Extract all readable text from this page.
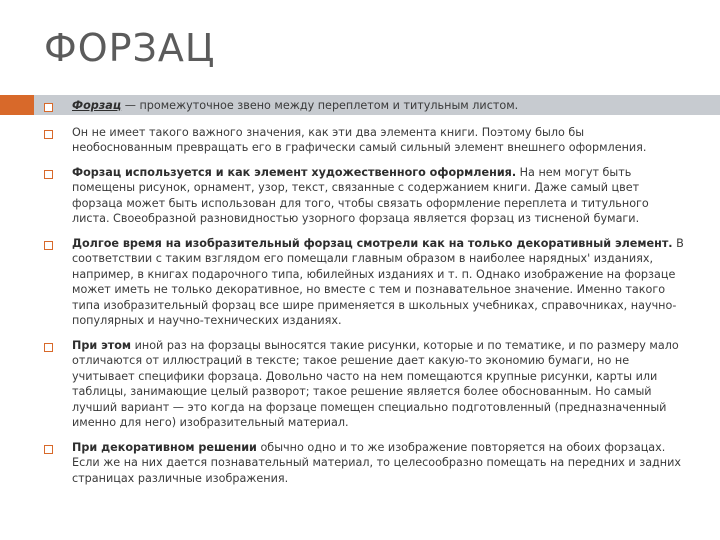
ФОРЗАЦ
Форзац — промежуточное звено между переплетом и титульным листом.
Он не имеет такого важного значения, как эти два элемента книги. Поэтому было бы необоснованным превращать его в графически самый сильный элемент внешнего оформления.
Форзац используется и как элемент художественного оформления. На нем могут быть помещены рисунок, орнамент, узор, текст, связанные с содержанием книги. Даже самый цвет форзаца может быть использован для того, чтобы связать оформление переплета и титульного листа. Своеобразной разновидностью узорного форзаца является форзац из тисненой бумаги.
Долгое время на изобразительный форзац смотрели как на только декоративный элемент. В соответствии с таким взглядом его помещали главным образом в наиболее нарядных' изданиях, например, в книгах подарочного типа, юбилейных изданиях и т. п. Однако изображение на форзаце может иметь не только декоративное, но вместе с тем и познавательное значение. Именно такого типа изобразительный форзац все шире применяется в школьных учебниках, справочниках, научно-популярных и научно-технических изданиях.
При этом иной раз на форзацы выносятся такие рисунки, которые и по тематике, и по размеру мало отличаются от иллюстраций в тексте; такое решение дает какую-то экономию бумаги, но не учитывает специфики форзаца. Довольно часто на нем помещаются крупные рисунки, карты или таблицы, занимающие целый разворот; такое решение является более обоснованным. Но самый лучший вариант — это когда на форзаце помещен специально подготовленный (предназначенный именно для него) изобразительный материал.
При декоративном решении обычно одно и то же изображение повторяется на обоих форзацах. Если же на них дается познавательный материал, то целесообразно помещать на передних и задних страницах различные изображения.
